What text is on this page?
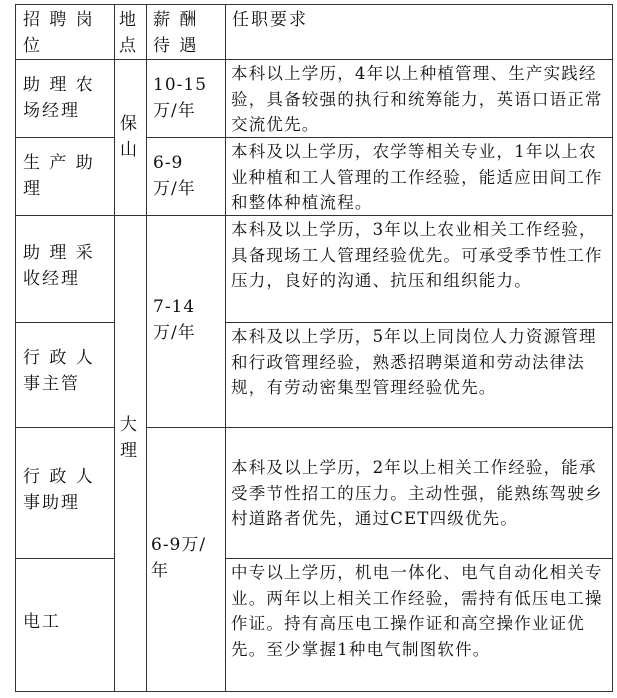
招 聘 岗 位
地 点
薪 酬 待 遇
任职要求
助 理 农 场经理
生 产 助 理
助 理 采 收经理
行 政 人 事主管
行 政 人 事助理
电工
保 山
大 理
10-15 万/年
6-9 万/年
7-14 万/年
6-9万/ 年
本科以上学历，4年以上种植管理、生产实践经验，具备较强的执行和统筹能力，英语口语正常交流优先。
本科及以上学历，农学等相关专业，1年以上农业种植和工人管理的工作经验，能适应田间工作和整体种植流程。
本科及以上学历，3年以上农业相关工作经验，具备现场工人管理经验优先。可承受季节性工作压力，良好的沟通、抗压和组织能力。
本科及以上学历，5年以上同岗位人力资源管理和行政管理经验，熟悉招聘渠道和劳动法律法规，有劳动密集型管理经验优先。
本科及以上学历，2年以上相关工作经验，能承受季节性招工的压力。主动性强，能熟练驾驶乡村道路者优先，通过CET四级优先。
中专以上学历，机电一体化、电气自动化相关专业。两年以上相关工作经验，需持有低压电工操作证。持有高压电工操作证和高空操作业证优先。至少掌握1种电气制图软件。
